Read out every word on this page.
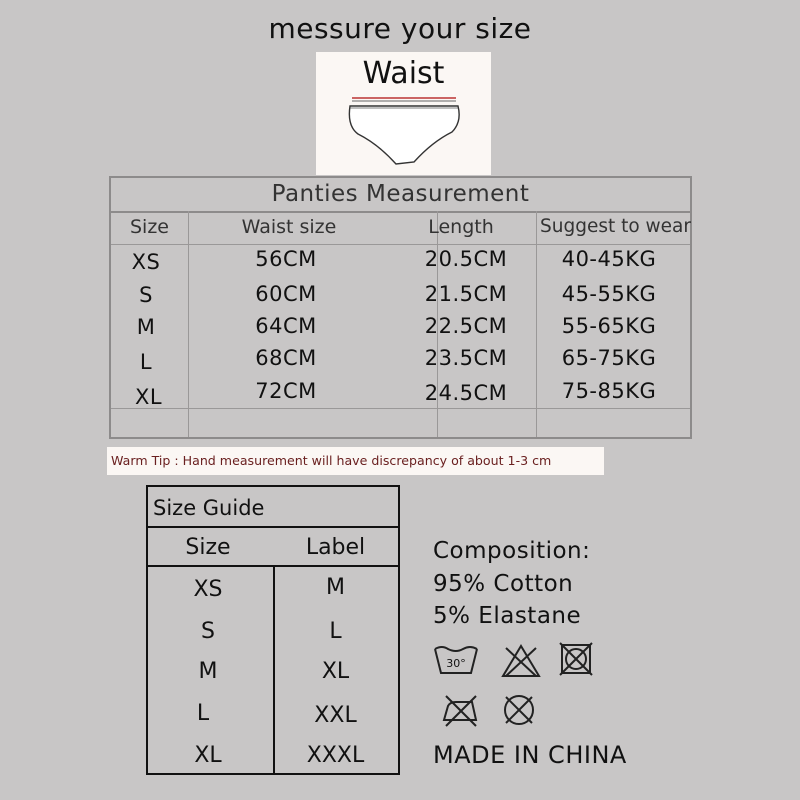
messure your size
Waist
Panties Measurement
Size	Waist size	Length	Suggest to wear
XS	56CM	20.5CM	40-45KG
S	60CM	21.5CM	45-55KG
M	64CM	22.5CM	55-65KG
L	68CM	23.5CM	65-75KG
XL	72CM	24.5CM	75-85KG
Warm Tip : Hand measurement will have discrepancy of about 1-3 cm
Size Guide
Size	Label
XS	M
S	L
M	XL
L	XXL
XL	XXXL
Composition:
95% Cotton
5% Elastane
30°
MADE IN CHINA
